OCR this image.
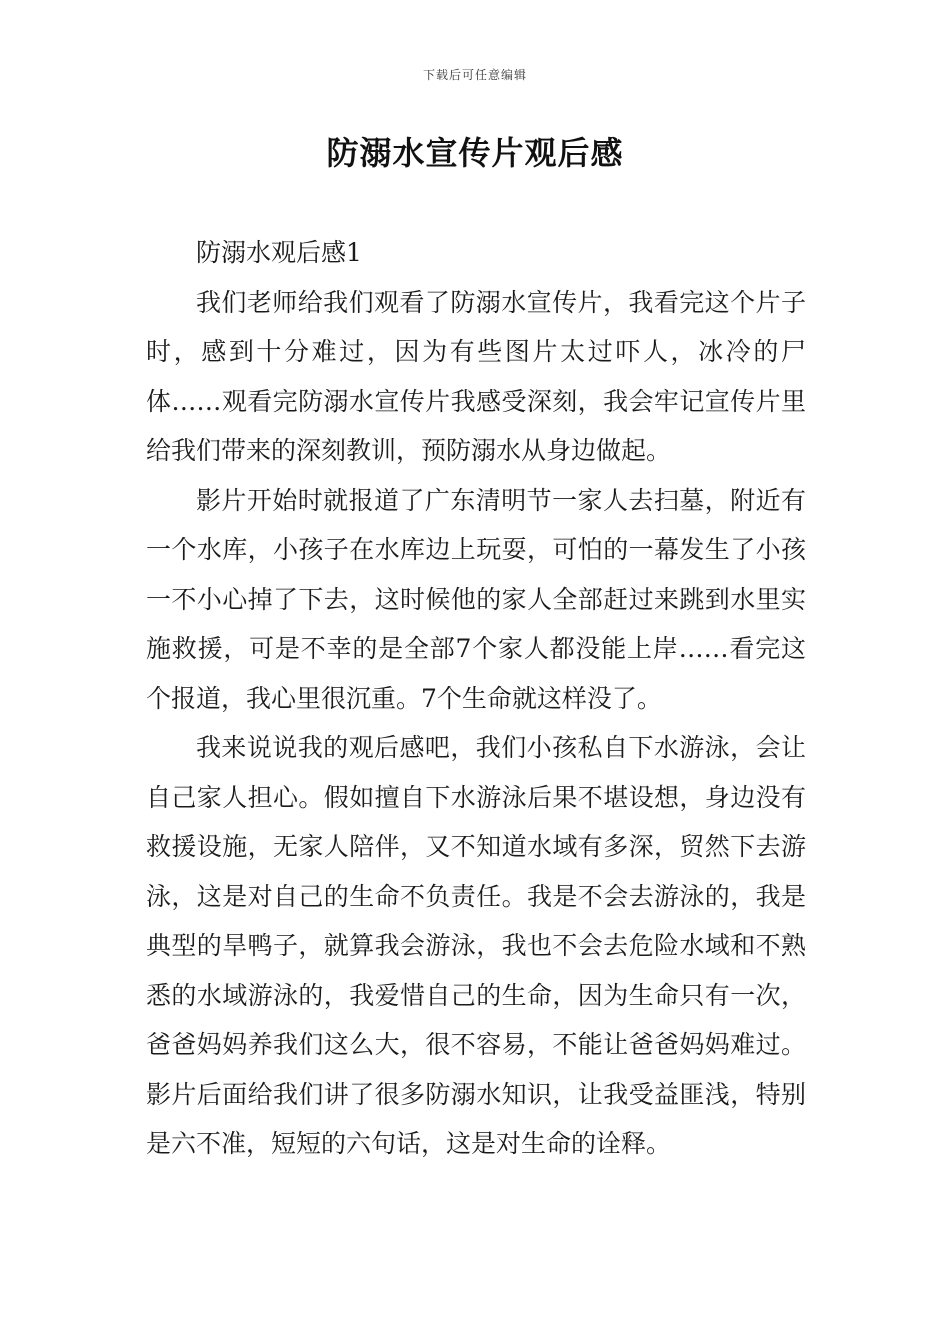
下载后可任意编辑
防溺水宣传片观后感

防溺水观后感1

我们老师给我们观看了防溺水宣传片，我看完这个片子时，感到十分难过，因为有些图片太过吓人，冰冷的尸体……观看完防溺水宣传片我感受深刻，我会牢记宣传片里给我们带来的深刻教训，预防溺水从身边做起。

影片开始时就报道了广东清明节一家人去扫墓，附近有一个水库，小孩子在水库边上玩耍，可怕的一幕发生了小孩一不小心掉了下去，这时候他的家人全部赶过来跳到水里实施救援，可是不幸的是全部7个家人都没能上岸……看完这个报道，我心里很沉重。7个生命就这样没了。

我来说说我的观后感吧，我们小孩私自下水游泳，会让自己家人担心。假如擅自下水游泳后果不堪设想，身边没有救援设施，无家人陪伴，又不知道水域有多深，贸然下去游泳，这是对自己的生命不负责任。我是不会去游泳的，我是典型的旱鸭子，就算我会游泳，我也不会去危险水域和不熟悉的水域游泳的，我爱惜自己的生命，因为生命只有一次，爸爸妈妈养我们这么大，很不容易，不能让爸爸妈妈难过。影片后面给我们讲了很多防溺水知识，让我受益匪浅，特别是六不准，短短的六句话，这是对生命的诠释。
